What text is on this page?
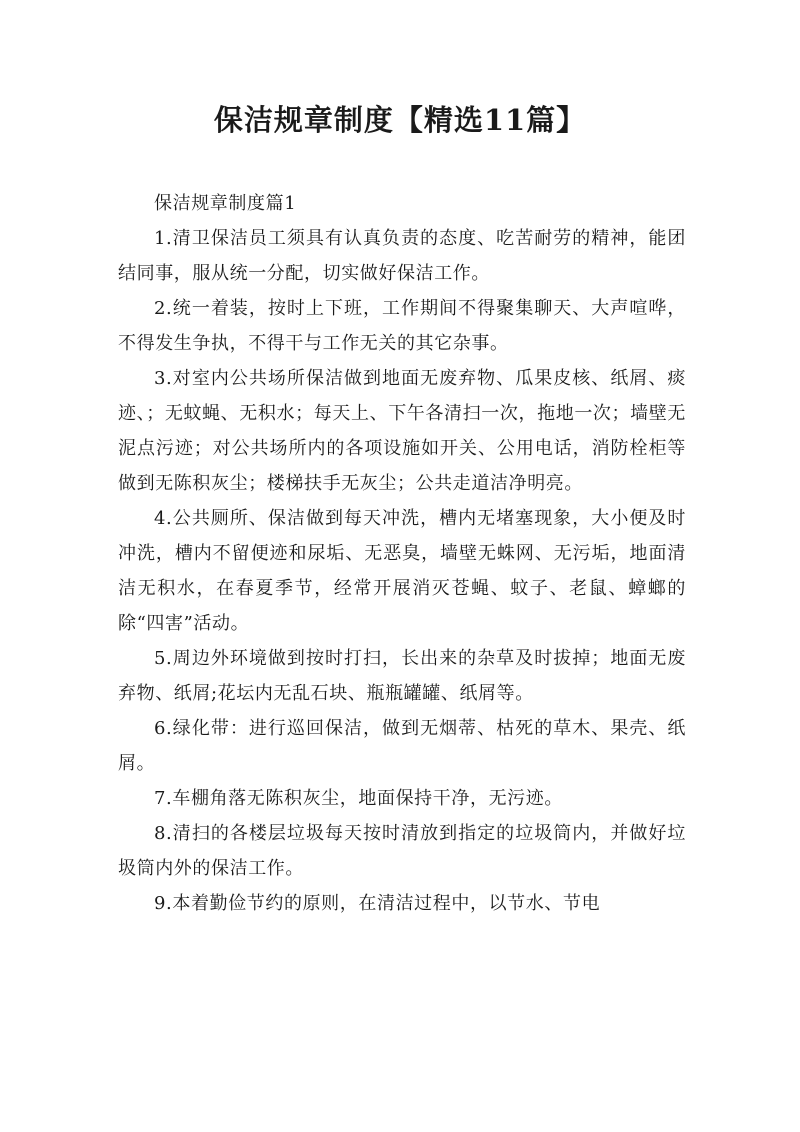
保洁规章制度【精选11篇】

保洁规章制度篇1

1.清卫保洁员工须具有认真负责的态度、吃苦耐劳的精神，能团结同事，服从统一分配，切实做好保洁工作。

2.统一着装，按时上下班，工作期间不得聚集聊天、大声喧哗，不得发生争执，不得干与工作无关的其它杂事。

3.对室内公共场所保洁做到地面无废弃物、瓜果皮核、纸屑、痰迹、；无蚊蝇、无积水；每天上、下午各清扫一次，拖地一次；墙壁无泥点污迹；对公共场所内的各项设施如开关、公用电话，消防栓柜等做到无陈积灰尘；楼梯扶手无灰尘；公共走道洁净明亮。

4.公共厕所、保洁做到每天冲洗，槽内无堵塞现象，大小便及时冲洗，槽内不留便迹和尿垢、无恶臭，墙壁无蛛网、无污垢，地面清洁无积水，在春夏季节，经常开展消灭苍蝇、蚊子、老鼠、蟑螂的除“四害”活动。

5.周边外环境做到按时打扫，长出来的杂草及时拔掉；地面无废弃物、纸屑;花坛内无乱石块、瓶瓶罐罐、纸屑等。

6.绿化带：进行巡回保洁，做到无烟蒂、枯死的草木、果壳、纸屑。

7.车棚角落无陈积灰尘，地面保持干净，无污迹。

8.清扫的各楼层垃圾每天按时清放到指定的垃圾筒内，并做好垃圾筒内外的保洁工作。

9.本着勤俭节约的原则，在清洁过程中，以节水、节电
